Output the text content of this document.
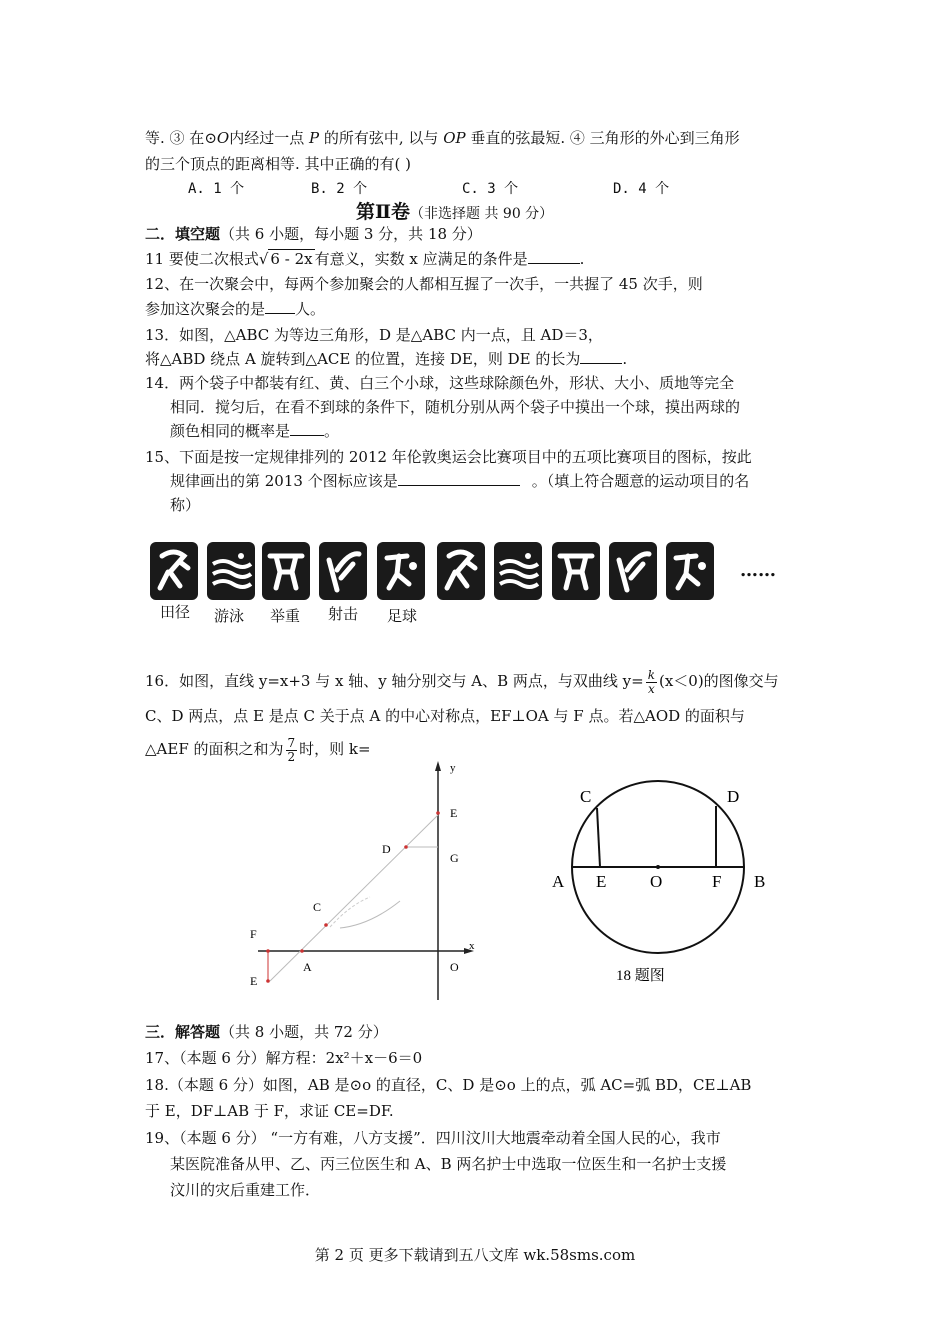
等. ③ 在⊙O内经过一点 P 的所有弦中, 以与 OP 垂直的弦最短. ④ 三角形的外心到三角形
的三个顶点的距离相等. 其中正确的有( )
A. 1 个	B. 2 个	C. 3 个	D. 4 个
第Ⅱ卷（非选择题 共 90 分）
二．填空题（共 6 小题，每小题 3 分，共 18 分）
11 要使二次根式√ 6 - 2x 有意义，实数 x 应满足的条件是	.
12、在一次聚会中，每两个参加聚会的人都相互握了一次手，一共握了 45 次手，则
参加这次聚会的是 人。
13．如图，△ABC 为等边三角形，D 是△ABC 内一点，且 AD＝3，
将△ABD 绕点 A 旋转到△ACE 的位置，连接 DE，则 DE 的长为	.
14．两个袋子中都装有红、黄、白三个小球，这些球除颜色外，形状、大小、质地等完全
相同．搅匀后，在看不到球的条件下，随机分别从两个袋子中摸出一个球，摸出两球的
颜色相同的概率是 。
15、下面是按一定规律排列的 2012 年伦敦奥运会比赛项目中的五项比赛项目的图标，按此
规律画出的第 2013 个图标应该是	。（填上符合题意的运动项目的名
称）
……
田径 游泳 举重 射击 足球
16．如图，直线 y=x+3 与 x 轴、y 轴分别交与 A、B 两点，与双曲线 $y= \frac{k}{x} (x<0)$的图像交与
C、D 两点，点 E 是点 C 关于点 A 的中心对称点，EF⊥OA 与 F 点。若△AOD 的面积与
△AEF 的面积之和为 $\frac{7}{2}$ 时，则 k=
y
x
E
G
D
C
F
A	O
E
C	D
A E	O	F B
18 题图
三．解答题（共 8 小题，共 72 分）
17、（本题 6 分）解方程：2x²＋x－6＝0
18.（本题 6 分）如图，AB 是⊙o 的直径，C、D 是⊙o 上的点，弧 AC=弧 BD，CE⊥AB
于 E，DF⊥AB 于 F，求证 CE=DF.
19、（本题 6 分） “一方有难，八方支援”．四川汶川大地震牵动着全国人民的心，我市
某医院准备从甲、乙、丙三位医生和 A、B 两名护士中选取一位医生和一名护士支援
汶川的灾后重建工作．
第 2 页 更多下载请到五八文库 wk.58sms.com
